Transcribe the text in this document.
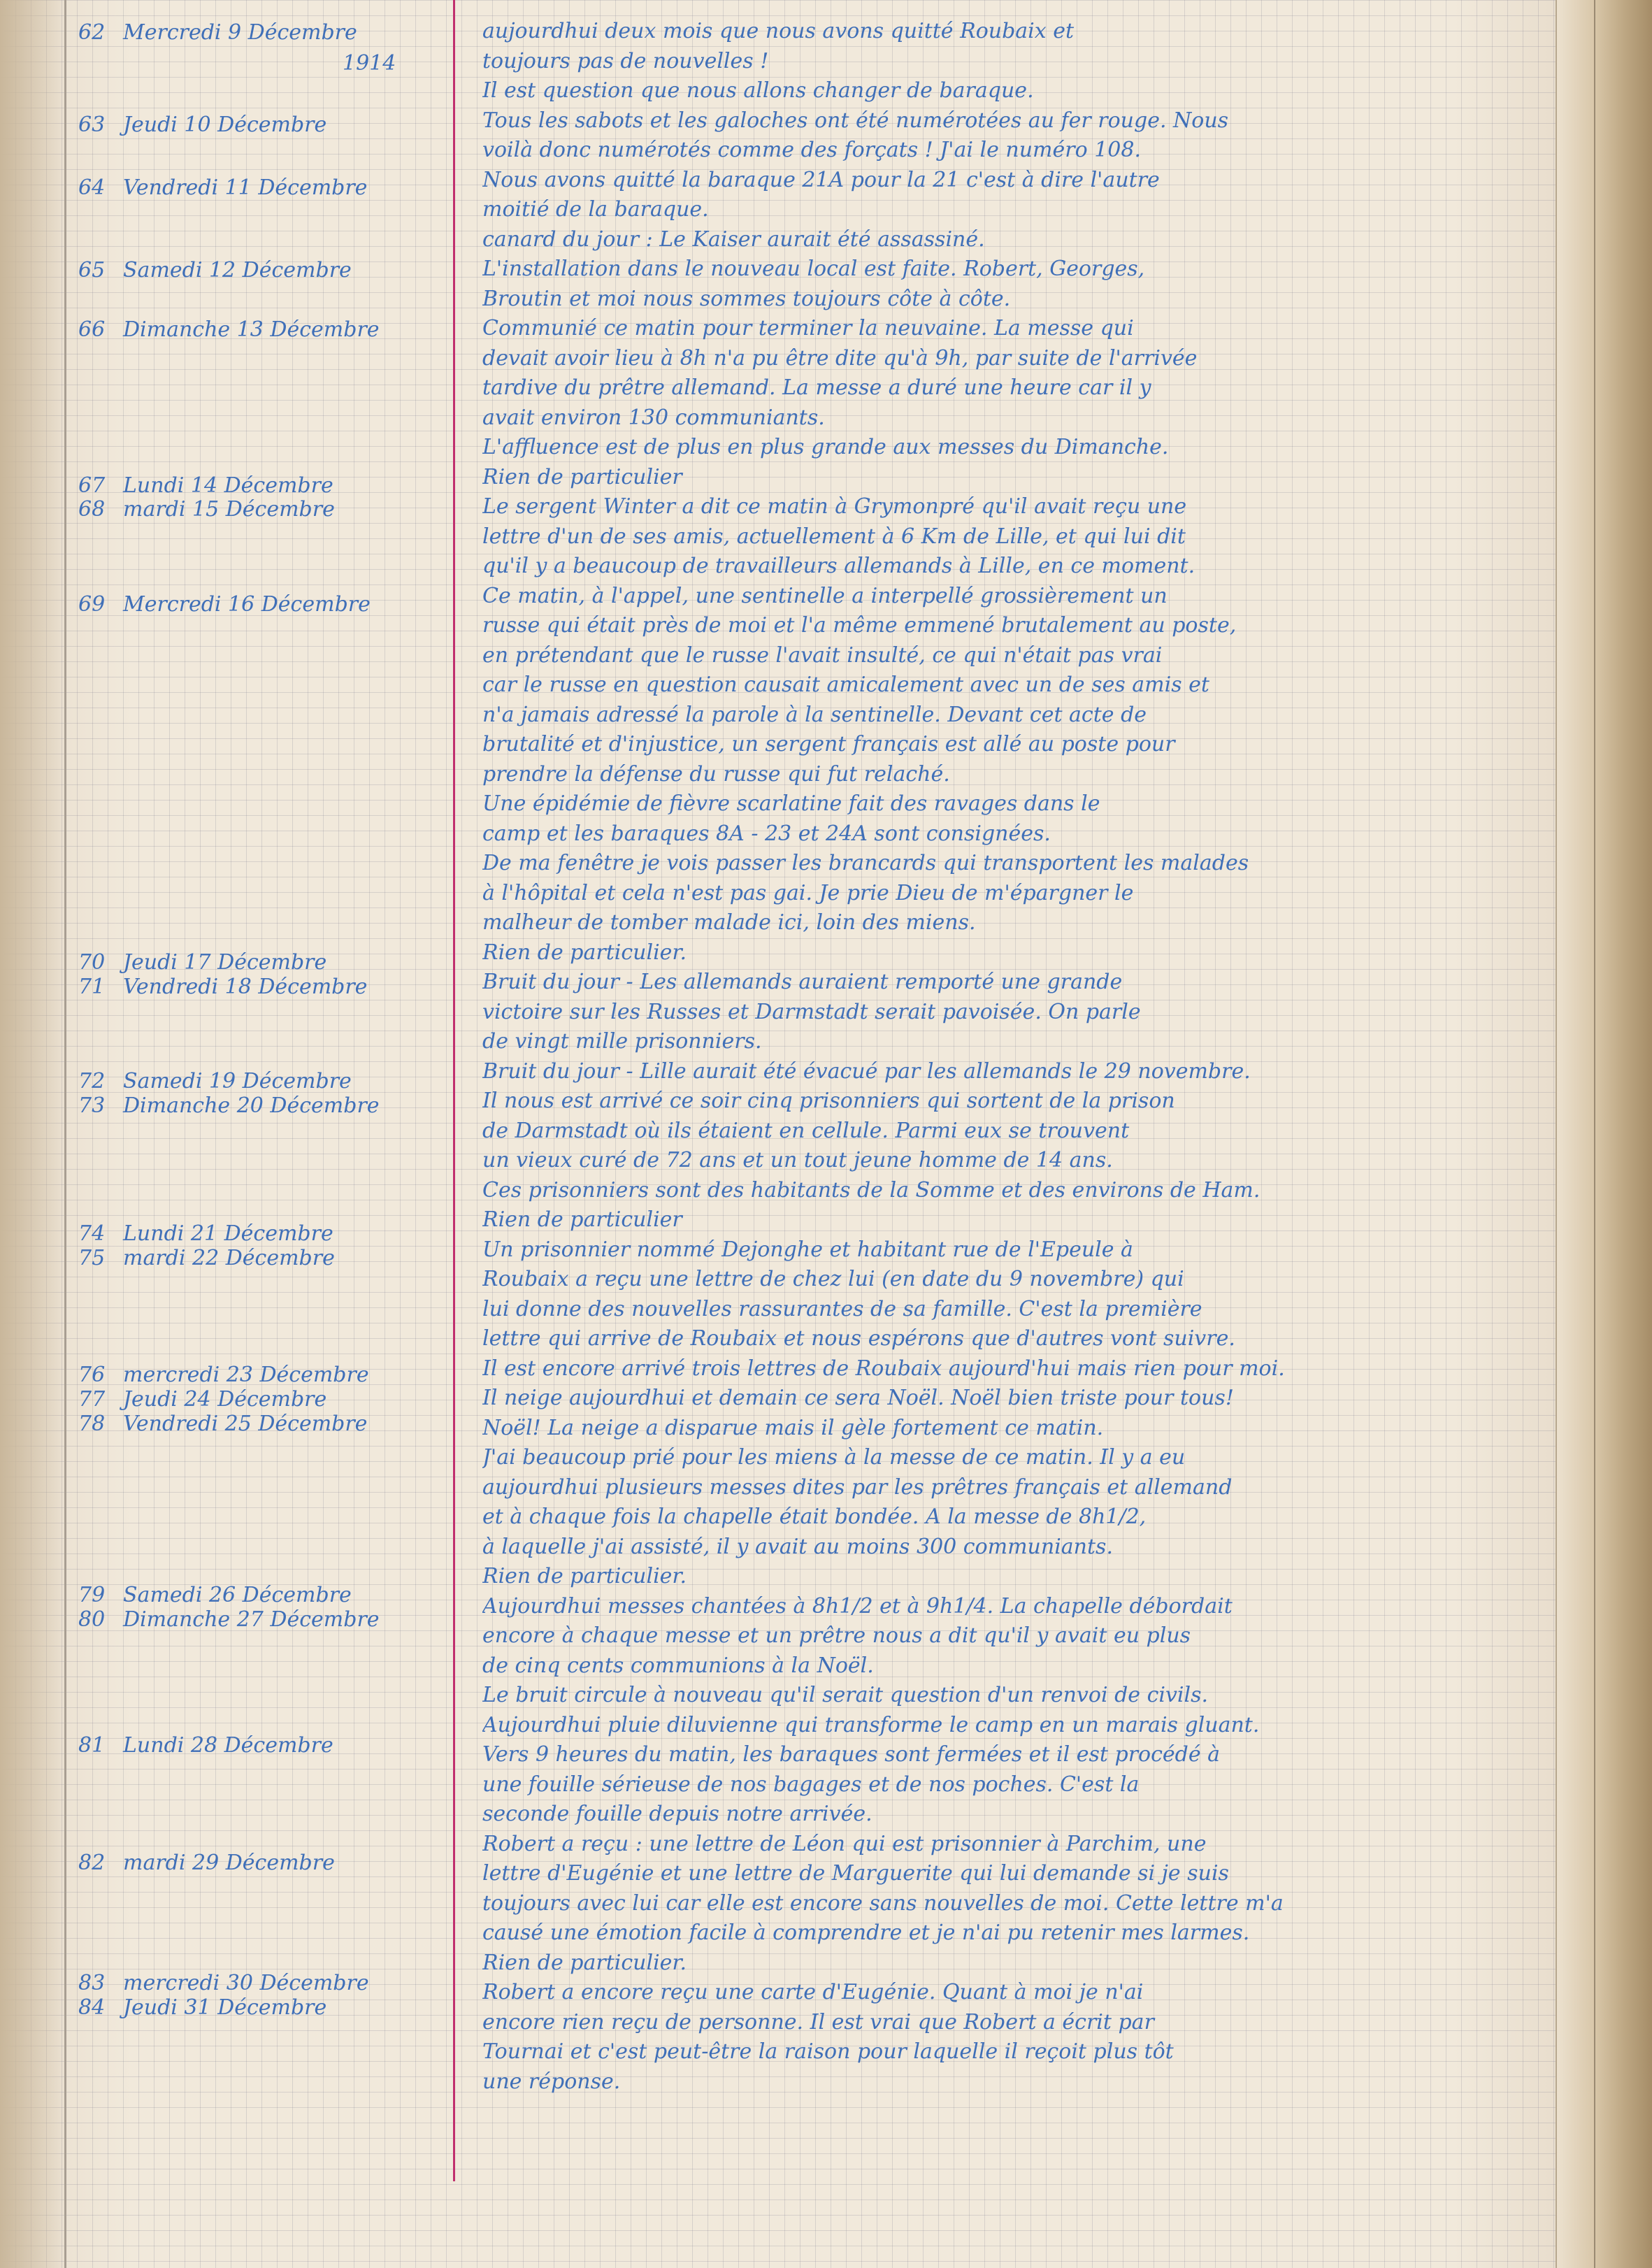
62 Mercredi 9 Décembre
1914
63 Jeudi 10 Décembre
64 Vendredi 11 Décembre
65 Samedi 12 Décembre
66 Dimanche 13 Décembre
67 Lundi 14 Décembre
68 mardi 15 Décembre
69 Mercredi 16 Décembre
70 Jeudi 17 Décembre
71 Vendredi 18 Décembre
72 Samedi 19 Décembre
73 Dimanche 20 Décembre
74 Lundi 21 Décembre
75 mardi 22 Décembre
76 mercredi 23 Décembre
77 Jeudi 24 Décembre
78 Vendredi 25 Décembre
79 Samedi 26 Décembre
80 Dimanche 27 Décembre
81 Lundi 28 Décembre
82 mardi 29 Décembre
83 mercredi 30 Décembre
84 Jeudi 31 Décembre
aujourdhui deux mois que nous avons quitté Roubaix et
toujours pas de nouvelles !
Il est question que nous allons changer de baraque.
Tous les sabots et les galoches ont été numérotées au fer rouge. Nous
voilà donc numérotés comme des forçats ! J'ai le numéro 108.
Nous avons quitté la baraque 21A pour la 21 c'est à dire l'autre
moitié de la baraque.
canard du jour : Le Kaiser aurait été assassiné.
L'installation dans le nouveau local est faite. Robert, Georges,
Broutin et moi nous sommes toujours côte à côte.
Communié ce matin pour terminer la neuvaine. La messe qui
devait avoir lieu à 8h n'a pu être dite qu'à 9h, par suite de l'arrivée
tardive du prêtre allemand. La messe a duré une heure car il y
avait environ 130 communiants.
L'affluence est de plus en plus grande aux messes du Dimanche.
Rien de particulier
Le sergent Winter a dit ce matin à Grymonpré qu'il avait reçu une
lettre d'un de ses amis, actuellement à 6 Km de Lille, et qui lui dit
qu'il y a beaucoup de travailleurs allemands à Lille, en ce moment.
Ce matin, à l'appel, une sentinelle a interpellé grossièrement un
russe qui était près de moi et l'a même emmené brutalement au poste,
en prétendant que le russe l'avait insulté, ce qui n'était pas vrai
car le russe en question causait amicalement avec un de ses amis et
n'a jamais adressé la parole à la sentinelle. Devant cet acte de
brutalité et d'injustice, un sergent français est allé au poste pour
prendre la défense du russe qui fut relaché.
Une épidémie de fièvre scarlatine fait des ravages dans le
camp et les baraques 8A - 23 et 24A sont consignées.
De ma fenêtre je vois passer les brancards qui transportent les malades
à l'hôpital et cela n'est pas gai. Je prie Dieu de m'épargner le
malheur de tomber malade ici, loin des miens.
Rien de particulier.
Bruit du jour - Les allemands auraient remporté une grande
victoire sur les Russes et Darmstadt serait pavoisée. On parle
de vingt mille prisonniers.
Bruit du jour - Lille aurait été évacué par les allemands le 29 novembre.
Il nous est arrivé ce soir cinq prisonniers qui sortent de la prison
de Darmstadt où ils étaient en cellule. Parmi eux se trouvent
un vieux curé de 72 ans et un tout jeune homme de 14 ans.
Ces prisonniers sont des habitants de la Somme et des environs de Ham.
Rien de particulier
Un prisonnier nommé Dejonghe et habitant rue de l'Epeule à
Roubaix a reçu une lettre de chez lui (en date du 9 novembre) qui
lui donne des nouvelles rassurantes de sa famille. C'est la première
lettre qui arrive de Roubaix et nous espérons que d'autres vont suivre.
Il est encore arrivé trois lettres de Roubaix aujourd'hui mais rien pour moi.
Il neige aujourdhui et demain ce sera Noël. Noël bien triste pour tous!
Noël! La neige a disparue mais il gèle fortement ce matin.
J'ai beaucoup prié pour les miens à la messe de ce matin. Il y a eu
aujourdhui plusieurs messes dites par les prêtres français et allemand
et à chaque fois la chapelle était bondée. A la messe de 8h1/2,
à laquelle j'ai assisté, il y avait au moins 300 communiants.
Rien de particulier.
Aujourdhui messes chantées à 8h1/2 et à 9h1/4. La chapelle débordait
encore à chaque messe et un prêtre nous a dit qu'il y avait eu plus
de cinq cents communions à la Noël.
Le bruit circule à nouveau qu'il serait question d'un renvoi de civils.
Aujourdhui pluie diluvienne qui transforme le camp en un marais gluant.
Vers 9 heures du matin, les baraques sont fermées et il est procédé à
une fouille sérieuse de nos bagages et de nos poches. C'est la
seconde fouille depuis notre arrivée.
Robert a reçu : une lettre de Léon qui est prisonnier à Parchim, une
lettre d'Eugénie et une lettre de Marguerite qui lui demande si je suis
toujours avec lui car elle est encore sans nouvelles de moi. Cette lettre m'a
causé une émotion facile à comprendre et je n'ai pu retenir mes larmes.
Rien de particulier.
Robert a encore reçu une carte d'Eugénie. Quant à moi je n'ai
encore rien reçu de personne. Il est vrai que Robert a écrit par
Tournai et c'est peut-être la raison pour laquelle il reçoit plus tôt
une réponse.
